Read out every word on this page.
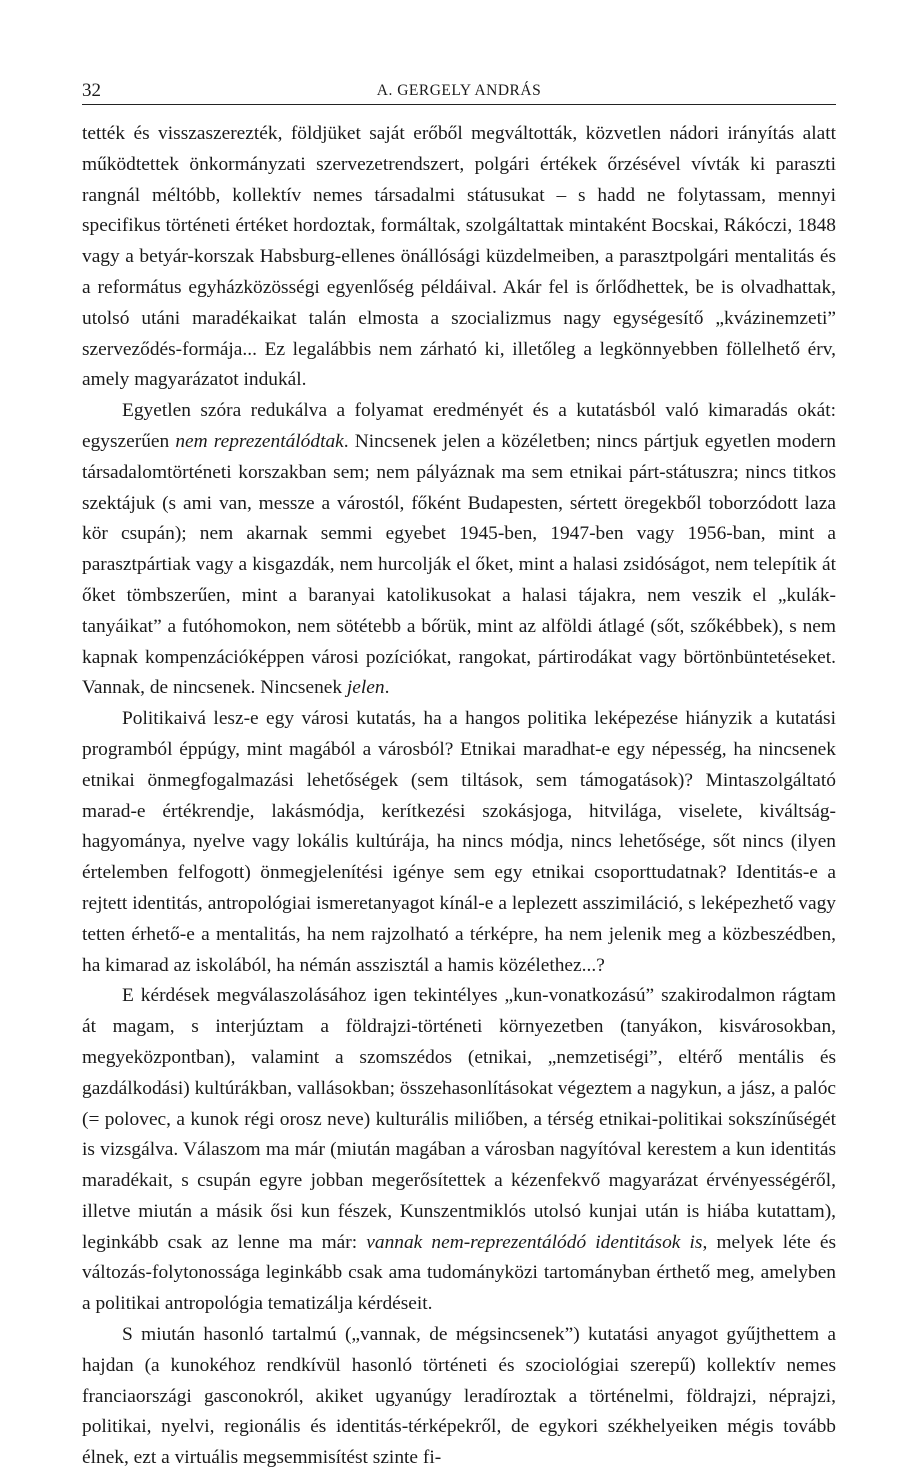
32	A. GERGELY ANDRÁS

tették és visszaszerezték, földjüket saját erőből megváltották, közvetlen nádori irányítás alatt működtettek önkormányzati szervezetrendszert, polgári értékek őrzésével vívták ki paraszti rangnál méltóbb, kollektív nemes társadalmi státusukat – s hadd ne folytassam, mennyi specifikus történeti értéket hordoztak, formáltak, szolgáltattak mintaként Bocskai, Rákóczi, 1848 vagy a betyár-korszak Habsburg-ellenes önállósági küzdelmeiben, a parasztpolgári mentalitás és a református egyházközösségi egyenlőség példáival. Akár fel is őrlődhettek, be is olvadhattak, utolsó utáni maradékaikat talán elmosta a szocializmus nagy egységesítő „kvázinemzeti” szerveződés-formája... Ez legalábbis nem zárható ki, illetőleg a legkönnyebben föllelhető érv, amely magyarázatot indukál.

Egyetlen szóra redukálva a folyamat eredményét és a kutatásból való kimaradás okát: egyszerűen nem reprezentálódtak. Nincsenek jelen a közéletben; nincs pártjuk egyetlen modern társadalomtörténeti korszakban sem; nem pályáznak ma sem etnikai párt-státuszra; nincs titkos szektájuk (s ami van, messze a várostól, főként Budapesten, sértett öregekből toborzódott laza kör csupán); nem akarnak semmi egyebet 1945-ben, 1947-ben vagy 1956-ban, mint a parasztpártiak vagy a kisgazdák, nem hurcolják el őket, mint a halasi zsidóságot, nem telepítik át őket tömbszerűen, mint a baranyai katolikusokat a halasi tájakra, nem veszik el „kulák-tanyáikat” a futóhomokon, nem sötétebb a bőrük, mint az alföldi átlagé (sőt, szőkébbek), s nem kapnak kompenzációképpen városi pozíciókat, rangokat, pártirodákat vagy börtönbüntetéseket. Vannak, de nincsenek. Nincsenek jelen.

Politikaivá lesz-e egy városi kutatás, ha a hangos politika leképezése hiányzik a kutatási programból éppúgy, mint magából a városból? Etnikai maradhat-e egy népesség, ha nincsenek etnikai önmegfogalmazási lehetőségek (sem tiltások, sem támogatások)? Mintaszolgáltató marad-e értékrendje, lakásmódja, kerítkezési szokásjoga, hitvilága, viselete, kiváltság-hagyománya, nyelve vagy lokális kultúrája, ha nincs módja, nincs lehetősége, sőt nincs (ilyen értelemben felfogott) önmegjelenítési igénye sem egy etnikai csoporttudatnak? Identitás-e a rejtett identitás, antropológiai ismeretanyagot kínál-e a leplezett asszimiláció, s leképezhető vagy tetten érhető-e a mentalitás, ha nem rajzolható a térképre, ha nem jelenik meg a közbeszédben, ha kimarad az iskolából, ha némán asszisztál a hamis közélethez...?

E kérdések megválaszolásához igen tekintélyes „kun-vonatkozású” szakirodalmon rágtam át magam, s interjúztam a földrajzi-történeti környezetben (tanyákon, kisvárosokban, megyeközpontban), valamint a szomszédos (etnikai, „nemzetiségi”, eltérő mentális és gazdálkodási) kultúrákban, vallásokban; összehasonlításokat végeztem a nagykun, a jász, a palóc (= polovec, a kunok régi orosz neve) kulturális miliőben, a térség etnikai-politikai sokszínűségét is vizsgálva. Válaszom ma már (miután magában a városban nagyítóval kerestem a kun identitás maradékait, s csupán egyre jobban megerősítettek a kézenfekvő magyarázat érvényességéről, illetve miután a másik ősi kun fészek, Kunszentmiklós utolsó kunjai után is hiába kutattam), leginkább csak az lenne ma már: vannak nem-reprezentálódó identitások is, melyek léte és változás-folytonossága leginkább csak ama tudományközi tartományban érthető meg, amelyben a politikai antropológia tematizálja kérdéseit.

S miután hasonló tartalmú („vannak, de mégsincsenek”) kutatási anyagot gyűjthettem a hajdan (a kunokéhoz rendkívül hasonló történeti és szociológiai szerepű) kollektív nemes franciaországi gasconokról, akiket ugyanúgy leradíroztak a történelmi, földrajzi, néprajzi, politikai, nyelvi, regionális és identitás-térképekről, de egykori székhelyeiken mégis tovább élnek, ezt a virtuális megsemmisítést szinte fi-
